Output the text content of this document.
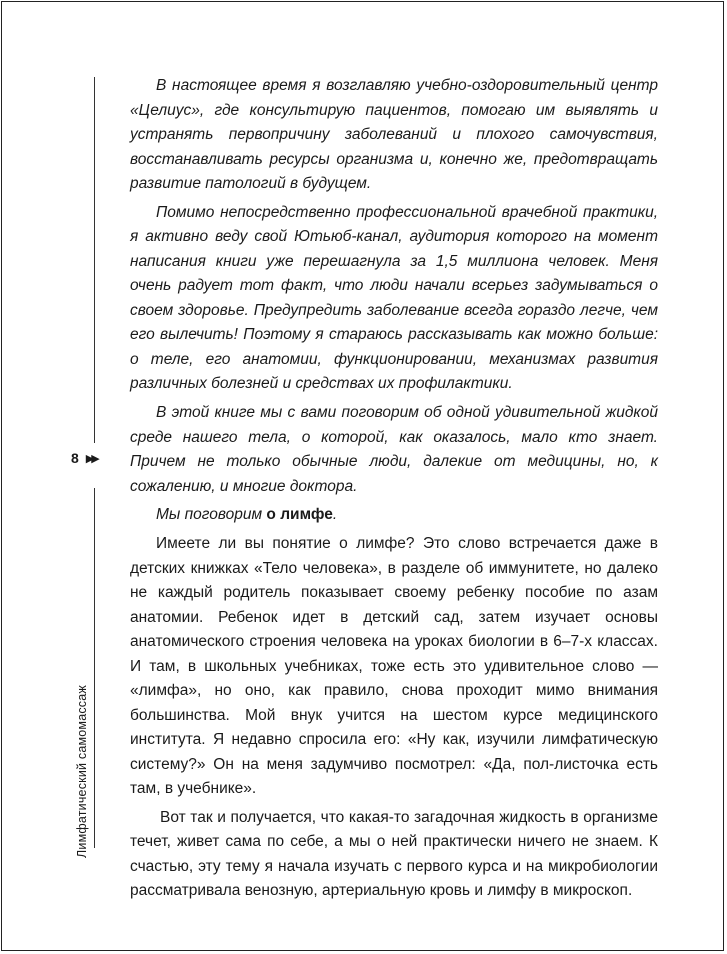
8 ▶▶
Лимфатический самомассаж

В настоящее время я возглавляю учебно-оздоровительный центр «Целиус», где консультирую пациентов, помогаю им выявлять и устранять первопричину заболеваний и плохого самочувствия, восстанавливать ресурсы организма и, конечно же, предотвращать развитие патологий в будущем.

Помимо непосредственно профессиональной врачебной практики, я активно веду свой Ютьюб-канал, аудитория которого на момент написания книги уже перешагнула за 1,5 миллиона человек. Меня очень радует тот факт, что люди начали всерьез задумываться о своем здоровье. Предупредить заболевание всегда гораздо легче, чем его вылечить! Поэтому я стараюсь рассказывать как можно больше: о теле, его анатомии, функционировании, механизмах развития различных болезней и средствах их профилактики.

В этой книге мы с вами поговорим об одной удивительной жидкой среде нашего тела, о которой, как оказалось, мало кто знает. Причем не только обычные люди, далекие от медицины, но, к сожалению, и многие доктора.

Мы поговорим о лимфе.

Имеете ли вы понятие о лимфе? Это слово встречается даже в детских книжках «Тело человека», в разделе об иммунитете, но далеко не каждый родитель показывает своему ребенку пособие по азам анатомии. Ребенок идет в детский сад, затем изучает основы анатомического строения человека на уроках биологии в 6–7-х классах. И там, в школьных учебниках, тоже есть это удивительное слово — «лимфа», но оно, как правило, снова проходит мимо внимания большинства. Мой внук учится на шестом курсе медицинского института. Я недавно спросила его: «Ну как, изучили лимфатическую систему?» Он на меня задумчиво посмотрел: «Да, пол-листочка есть там, в учебнике».

Вот так и получается, что какая-то загадочная жидкость в организме течет, живет сама по себе, а мы о ней практически ничего не знаем. К счастью, эту тему я начала изучать с первого курса и на микробиологии рассматривала венозную, артериальную кровь и лимфу в микроскоп.
